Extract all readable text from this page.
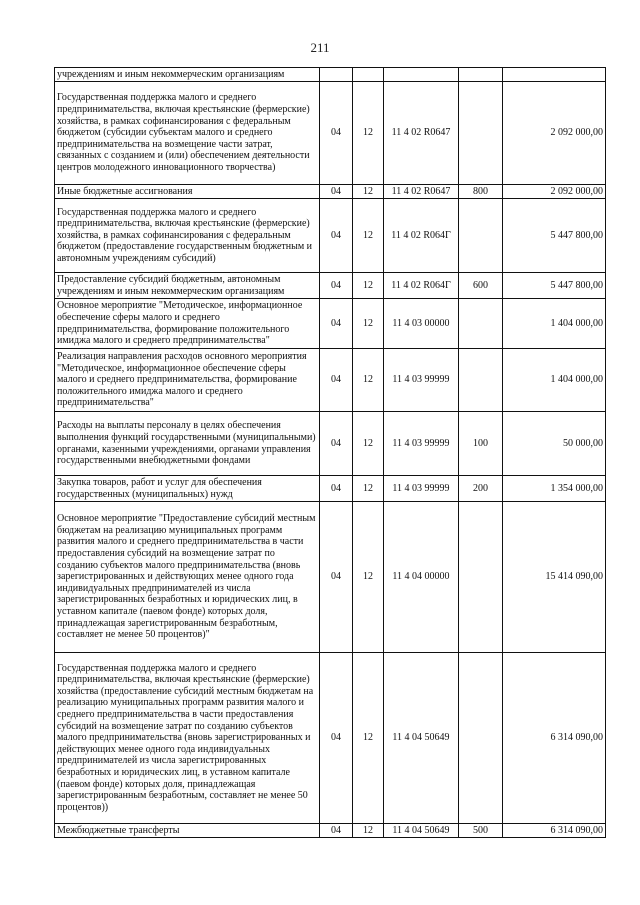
211
учреждениям и иным некоммерческим организациям					
Государственная поддержка малого и среднего предпринимательства, включая крестьянские (фермерские) хозяйства, в рамках софинансирования с федеральным бюджетом (субсидии субъектам малого и среднего предпринимательства на возмещение части затрат, связанных с созданием и (или) обеспечением деятельности центров молодежного инновационного творчества)	04	12	11 4 02 R0647		2 092 000,00
Иные бюджетные ассигнования	04	12	11 4 02 R0647	800	2 092 000,00
Государственная поддержка малого и среднего предпринимательства, включая крестьянские (фермерские) хозяйства, в рамках софинансирования с федеральным бюджетом (предоставление государственным бюджетным и автономным учреждениям субсидий)	04	12	11 4 02 R064Г		5 447 800,00
Предоставление субсидий бюджетным, автономным учреждениям и иным некоммерческим организациям	04	12	11 4 02 R064Г	600	5 447 800,00
Основное мероприятие "Методическое, информационное обеспечение сферы малого и среднего предпринимательства, формирование положительного имиджа малого и среднего предпринимательства"	04	12	11 4 03 00000		1 404 000,00
Реализация направления расходов основного мероприятия "Методическое, информационное обеспечение сферы малого и среднего предпринимательства, формирование положительного имиджа малого и среднего предпринимательства"	04	12	11 4 03 99999		1 404 000,00
Расходы на выплаты персоналу в целях обеспечения выполнения функций государственными (муниципальными) органами, казенными учреждениями, органами управления государственными внебюджетными фондами	04	12	11 4 03 99999	100	50 000,00
Закупка товаров, работ и услуг для обеспечения государственных (муниципальных) нужд	04	12	11 4 03 99999	200	1 354 000,00
Основное мероприятие "Предоставление субсидий местным бюджетам на реализацию муниципальных программ развития малого и среднего предпринимательства в части предоставления субсидий на возмещение затрат по созданию субъектов малого предпринимательства (вновь зарегистрированных и действующих менее одного года индивидуальных предпринимателей из числа зарегистрированных безработных и юридических лиц, в уставном капитале (паевом фонде) которых доля, принадлежащая зарегистрированным безработным, составляет не менее 50 процентов)"	04	12	11 4 04 00000		15 414 090,00
Государственная поддержка малого и среднего предпринимательства, включая крестьянские (фермерские) хозяйства (предоставление субсидий местным бюджетам на реализацию муниципальных программ развития малого и среднего предпринимательства в части предоставления субсидий на возмещение затрат по созданию субъектов малого предпринимательства (вновь зарегистрированных и действующих менее одного года индивидуальных предпринимателей из числа зарегистрированных безработных и юридических лиц, в уставном капитале (паевом фонде) которых доля, принадлежащая зарегистрированным безработным, составляет не менее 50 процентов))	04	12	11 4 04 50649		6 314 090,00
Межбюджетные трансферты	04	12	11 4 04 50649	500	6 314 090,00
